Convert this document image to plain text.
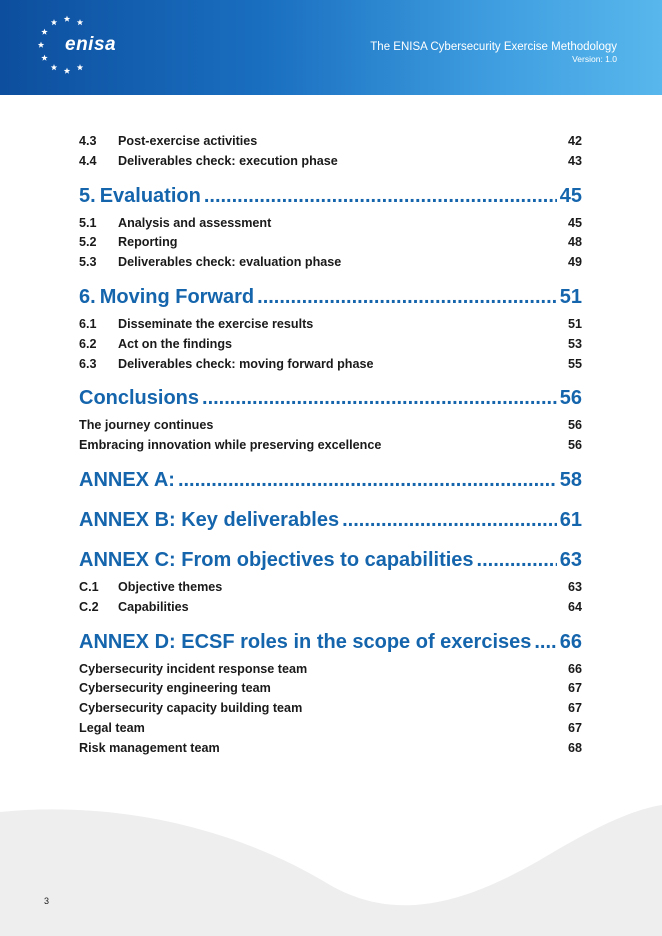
enisa	The ENISA Cybersecurity Exercise Methodology
Version: 1.0
4.3	Post-exercise activities	42
4.4	Deliverables check: execution phase	43
5. Evaluation .....	45
5.1	Analysis and assessment	45
5.2	Reporting	48
5.3	Deliverables check: evaluation phase	49
6. Moving Forward .....	51
6.1	Disseminate the exercise results	51
6.2	Act on the findings	53
6.3	Deliverables check: moving forward phase	55
Conclusions .....	56
The journey continues	56
Embracing innovation while preserving excellence	56
ANNEX A: .....	58
ANNEX B: Key deliverables .....	61
ANNEX C: From objectives to capabilities .....	63
C.1	Objective themes	63
C.2	Capabilities	64
ANNEX D: ECSF roles in the scope of exercises ..... 66
Cybersecurity incident response team	66
Cybersecurity engineering team	67
Cybersecurity capacity building team	67
Legal team	67
Risk management team	68
3
